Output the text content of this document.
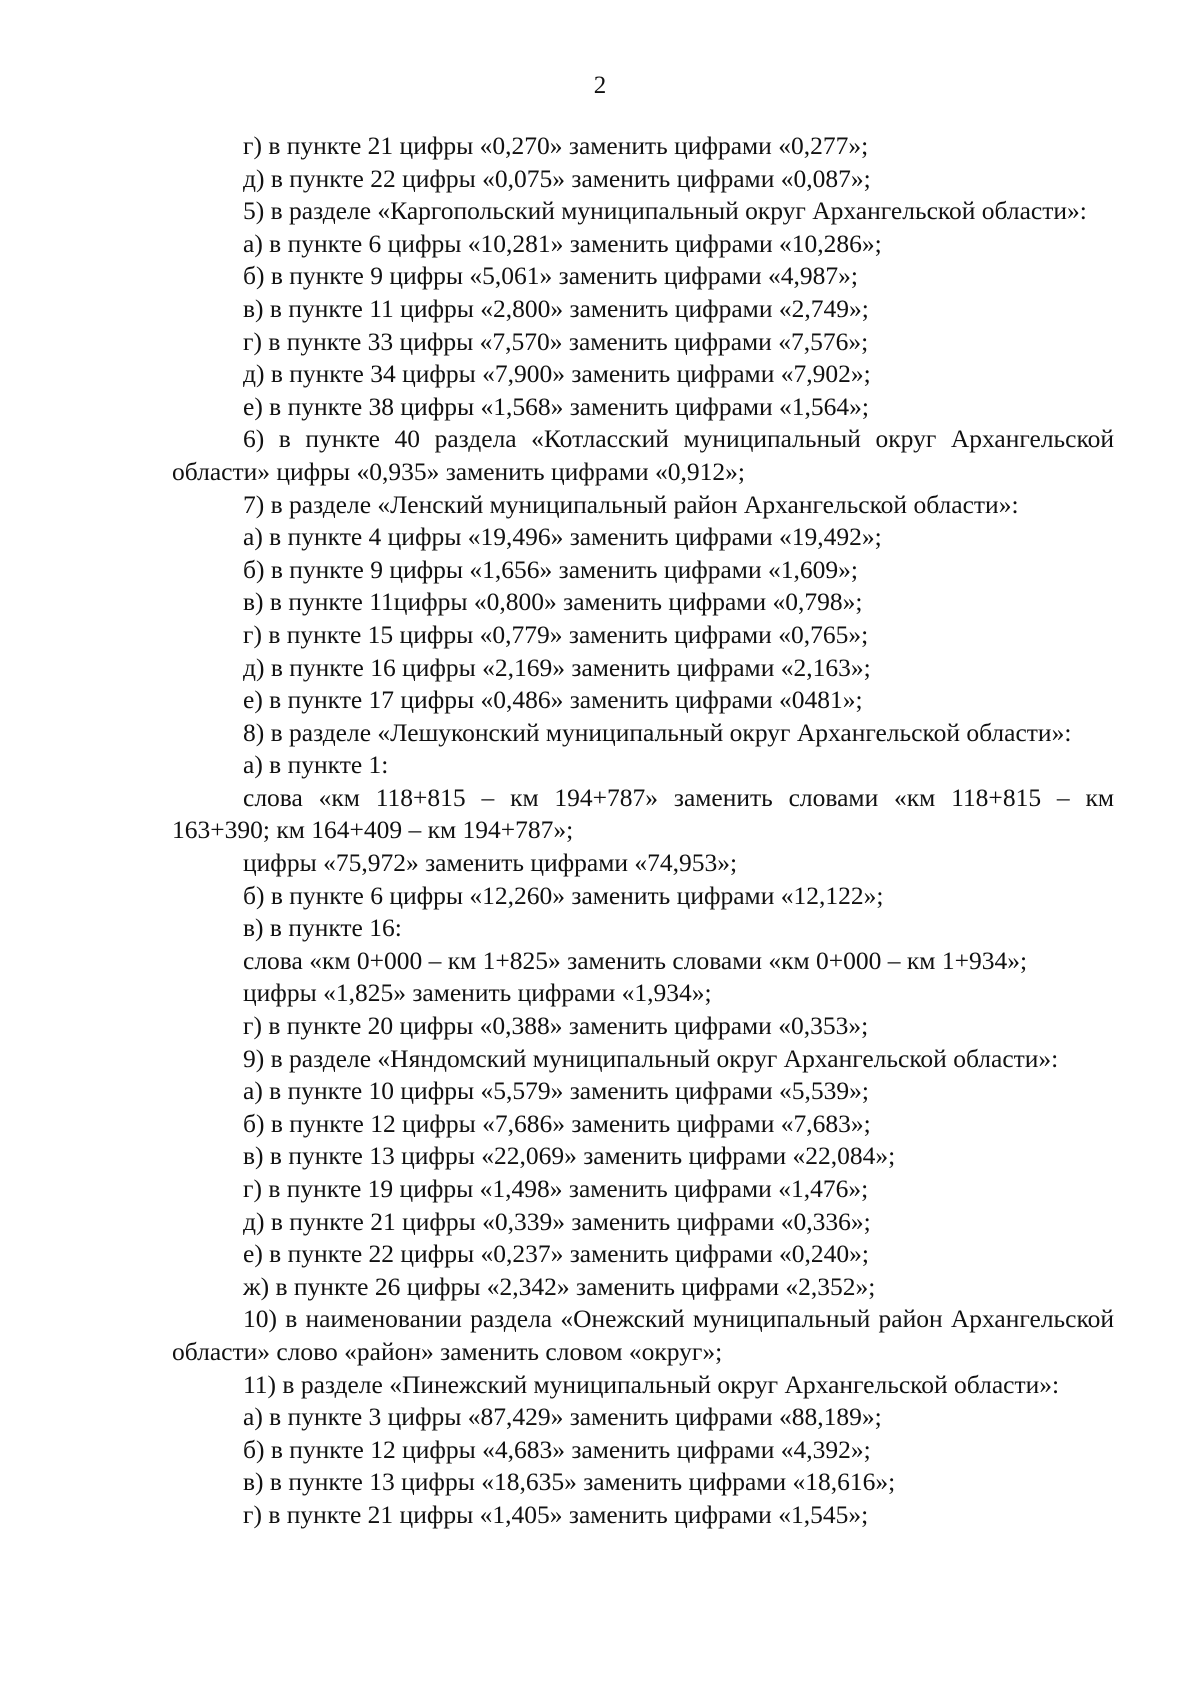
2

г) в пункте 21 цифры «0,270» заменить цифрами «0,277»;

д) в пункте 22 цифры «0,075» заменить цифрами «0,087»;

5) в разделе «Каргопольский муниципальный округ Архангельской области»:

а) в пункте 6 цифры «10,281» заменить цифрами «10,286»;

б) в пункте 9 цифры «5,061» заменить цифрами «4,987»;

в) в пункте 11 цифры «2,800» заменить цифрами «2,749»;

г) в пункте 33 цифры «7,570» заменить цифрами «7,576»;

д) в пункте 34 цифры «7,900» заменить цифрами «7,902»;

е) в пункте 38 цифры «1,568» заменить цифрами «1,564»;

6) в пункте 40 раздела «Котласский муниципальный округ Архангельской области» цифры «0,935» заменить цифрами «0,912»;

7) в разделе «Ленский муниципальный район Архангельской области»:

а) в пункте 4 цифры «19,496» заменить цифрами «19,492»;

б) в пункте 9 цифры «1,656» заменить цифрами «1,609»;

в) в пункте 11цифры «0,800» заменить цифрами «0,798»;

г) в пункте 15 цифры «0,779» заменить цифрами «0,765»;

д) в пункте 16 цифры «2,169» заменить цифрами «2,163»;

е) в пункте 17 цифры «0,486» заменить цифрами «0481»;

8) в разделе «Лешуконский муниципальный округ Архангельской области»:

а) в пункте 1:

слова «км 118+815 – км 194+787» заменить словами «км 118+815 – км 163+390; км 164+409 – км 194+787»;

цифры «75,972» заменить цифрами «74,953»;

б) в пункте 6 цифры «12,260» заменить цифрами «12,122»;

в) в пункте 16:

слова «км 0+000 – км 1+825» заменить словами «км 0+000 – км 1+934»;

цифры «1,825» заменить цифрами «1,934»;

г) в пункте 20 цифры «0,388» заменить цифрами «0,353»;

9) в разделе «Няндомский муниципальный округ Архангельской области»:

а) в пункте 10 цифры «5,579» заменить цифрами «5,539»;

б) в пункте 12 цифры «7,686» заменить цифрами «7,683»;

в) в пункте 13 цифры «22,069» заменить цифрами «22,084»;

г) в пункте 19 цифры «1,498» заменить цифрами «1,476»;

д) в пункте 21 цифры «0,339» заменить цифрами «0,336»;

е) в пункте 22 цифры «0,237» заменить цифрами «0,240»;

ж) в пункте 26 цифры «2,342» заменить цифрами «2,352»;

10) в наименовании раздела «Онежский муниципальный район Архангельской области» слово «район» заменить словом «округ»;

11) в разделе «Пинежский муниципальный округ Архангельской области»:

а) в пункте 3 цифры «87,429» заменить цифрами «88,189»;

б) в пункте 12 цифры «4,683» заменить цифрами «4,392»;

в) в пункте 13 цифры «18,635» заменить цифрами «18,616»;

г) в пункте 21 цифры «1,405» заменить цифрами «1,545»;
